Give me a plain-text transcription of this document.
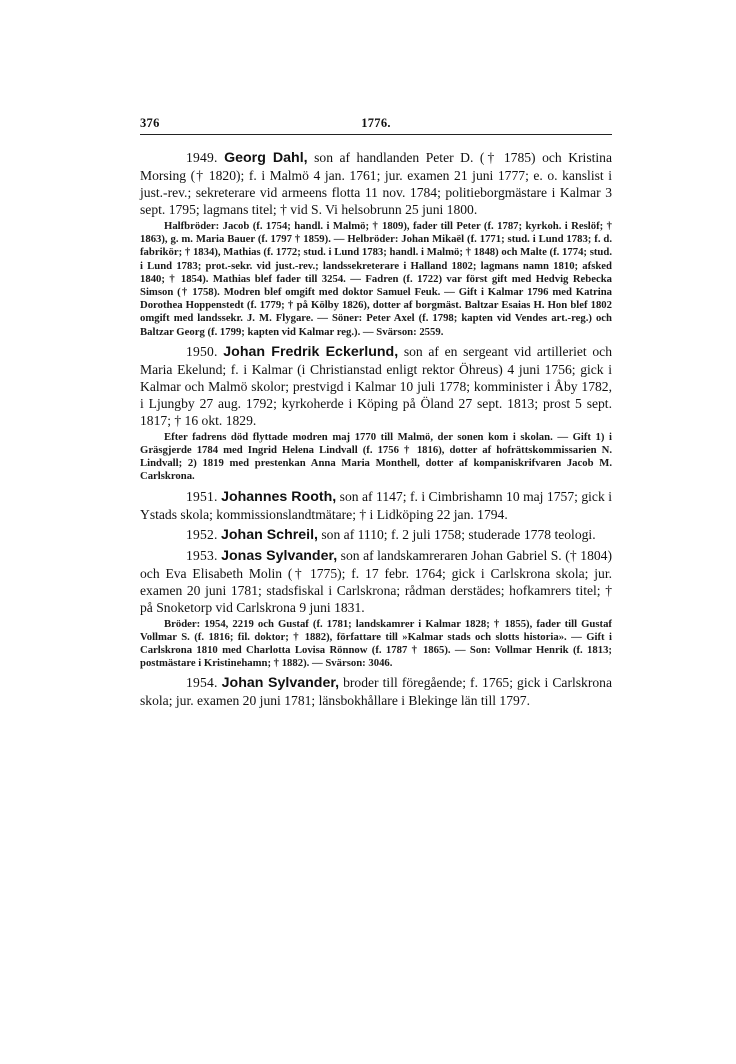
376	1776.

1949. Georg Dahl, son af handlanden Peter D. († 1785) och Kristina Morsing († 1820); f. i Malmö 4 jan. 1761; jur. examen 21 juni 1777; e. o. kanslist i just.-rev.; sekreterare vid armeens flotta 11 nov. 1784; politieborgmästare i Kalmar 3 sept. 1795; lagmans titel; † vid S. Vi helsobrunn 25 juni 1800.

Halfbröder: Jacob (f. 1754; handl. i Malmö; † 1809), fader till Peter (f. 1787; kyrkoh. i Reslöf; † 1863), g. m. Maria Bauer (f. 1797 † 1859). — Helbröder: Johan Mikaël (f. 1771; stud. i Lund 1783; f. d. fabrikör; † 1834), Mathias (f. 1772; stud. i Lund 1783; handl. i Malmö; † 1848) och Malte (f. 1774; stud. i Lund 1783; prot.-sekr. vid just.-rev.; landssekreterare i Halland 1802; lagmans namn 1810; afsked 1840; † 1854). Mathias blef fader till 3254. — Fadren (f. 1722) var först gift med Hedvig Rebecka Simson († 1758). Modren blef omgift med doktor Samuel Feuk. — Gift i Kalmar 1796 med Katrina Dorothea Hoppenstedt (f. 1779; † på Kölby 1826), dotter af borgmäst. Baltzar Esaias H. Hon blef 1802 omgift med landssekr. J. M. Flygare. — Söner: Peter Axel (f. 1798; kapten vid Vendes art.-reg.) och Baltzar Georg (f. 1799; kapten vid Kalmar reg.). — Svärson: 2559.

1950. Johan Fredrik Eckerlund, son af en sergeant vid artilleriet och Maria Ekelund; f. i Kalmar (i Christianstad enligt rektor Öhreus) 4 juni 1756; gick i Kalmar och Malmö skolor; prestvigd i Kalmar 10 juli 1778; komminister i Åby 1782, i Ljungby 27 aug. 1792; kyrkoherde i Köping på Öland 27 sept. 1813; prost 5 sept. 1817; † 16 okt. 1829.

Efter fadrens död flyttade modren maj 1770 till Malmö, der sonen kom i skolan. — Gift 1) i Gräsgjerde 1784 med Ingrid Helena Lindvall (f. 1756 † 1816), dotter af hofrättskommissarien N. Lindvall; 2) 1819 med prestenkan Anna Maria Monthell, dotter af kompaniskrifvaren Jacob M. Carlskrona.

1951. Johannes Rooth, son af 1147; f. i Cimbrishamn 10 maj 1757; gick i Ystads skola; kommissionslandtmätare; † i Lidköping 22 jan. 1794.

1952. Johan Schreil, son af 1110; f. 2 juli 1758; studerade 1778 teologi.

1953. Jonas Sylvander, son af landskamreraren Johan Gabriel S. († 1804) och Eva Elisabeth Molin († 1775); f. 17 febr. 1764; gick i Carlskrona skola; jur. examen 20 juni 1781; stadsfiskal i Carlskrona; rådman derstädes; hofkamrers titel; † på Snoketorp vid Carlskrona 9 juni 1831.

Bröder: 1954, 2219 och Gustaf (f. 1781; landskamrer i Kalmar 1828; † 1855), fader till Gustaf Vollmar S. (f. 1816; fil. doktor; † 1882), författare till »Kalmar stads och slotts historia». — Gift i Carlskrona 1810 med Charlotta Lovisa Rönnow (f. 1787 † 1865). — Son: Vollmar Henrik (f. 1813; postmästare i Kristinehamn; † 1882). — Svärson: 3046.

1954. Johan Sylvander, broder till föregående; f. 1765; gick i Carlskrona skola; jur. examen 20 juni 1781; länsbokhållare i Blekinge län till 1797.
